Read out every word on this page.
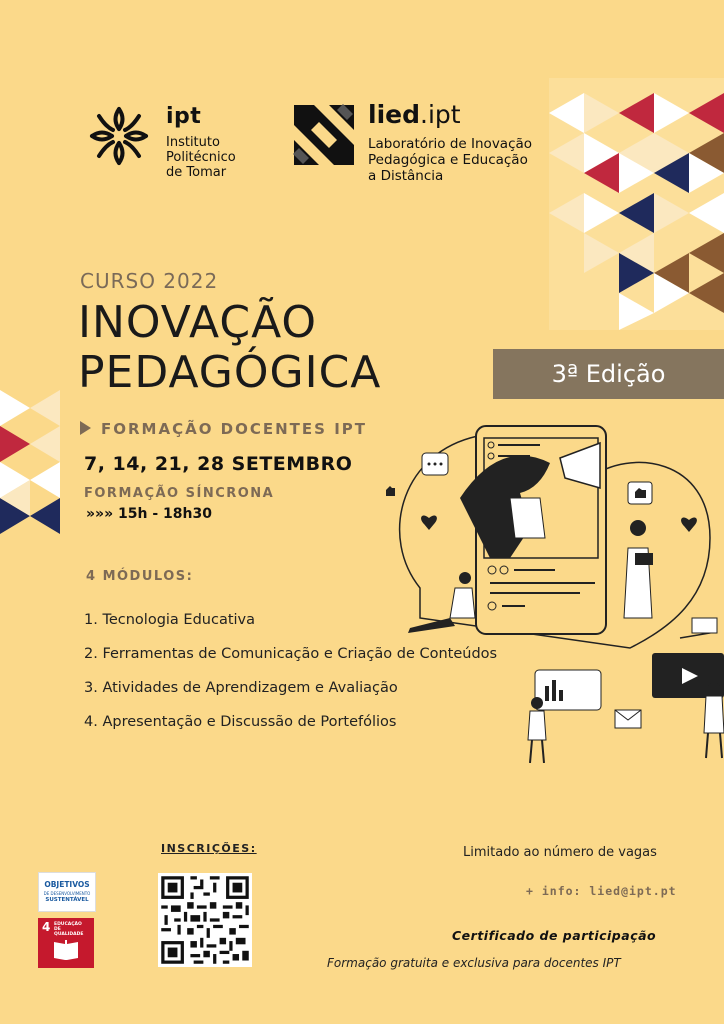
ipt
Instituto
Politécnico
de Tomar
lied.ipt
Laboratório de Inovação
Pedagógica e Educação
a Distância
CURSO 2022
INOVAÇÃO
PEDAGÓGICA	3ª Edição
FORMAÇÃO DOCENTES IPT
7, 14, 21, 28 SETEMBRO
FORMAÇÃO SÍNCRONA
»»» 15h - 18h30
4 MÓDULOS:
1. Tecnologia Educativa
2. Ferramentas de Comunicação e Criação de Conteúdos
3. Atividades de Aprendizagem e Avaliação
4. Apresentação e Discussão de Portefólios
INSCRIÇÕES:	Limitado ao número de vagas
+ info: lied@ipt.pt
Certificado de participação
Formação gratuita e exclusiva para docentes IPT
OBJETIVOS
DE DESENVOLVIMENTO
SUSTENTÁVEL
4 EDUCAÇÃO DE QUALIDADE
